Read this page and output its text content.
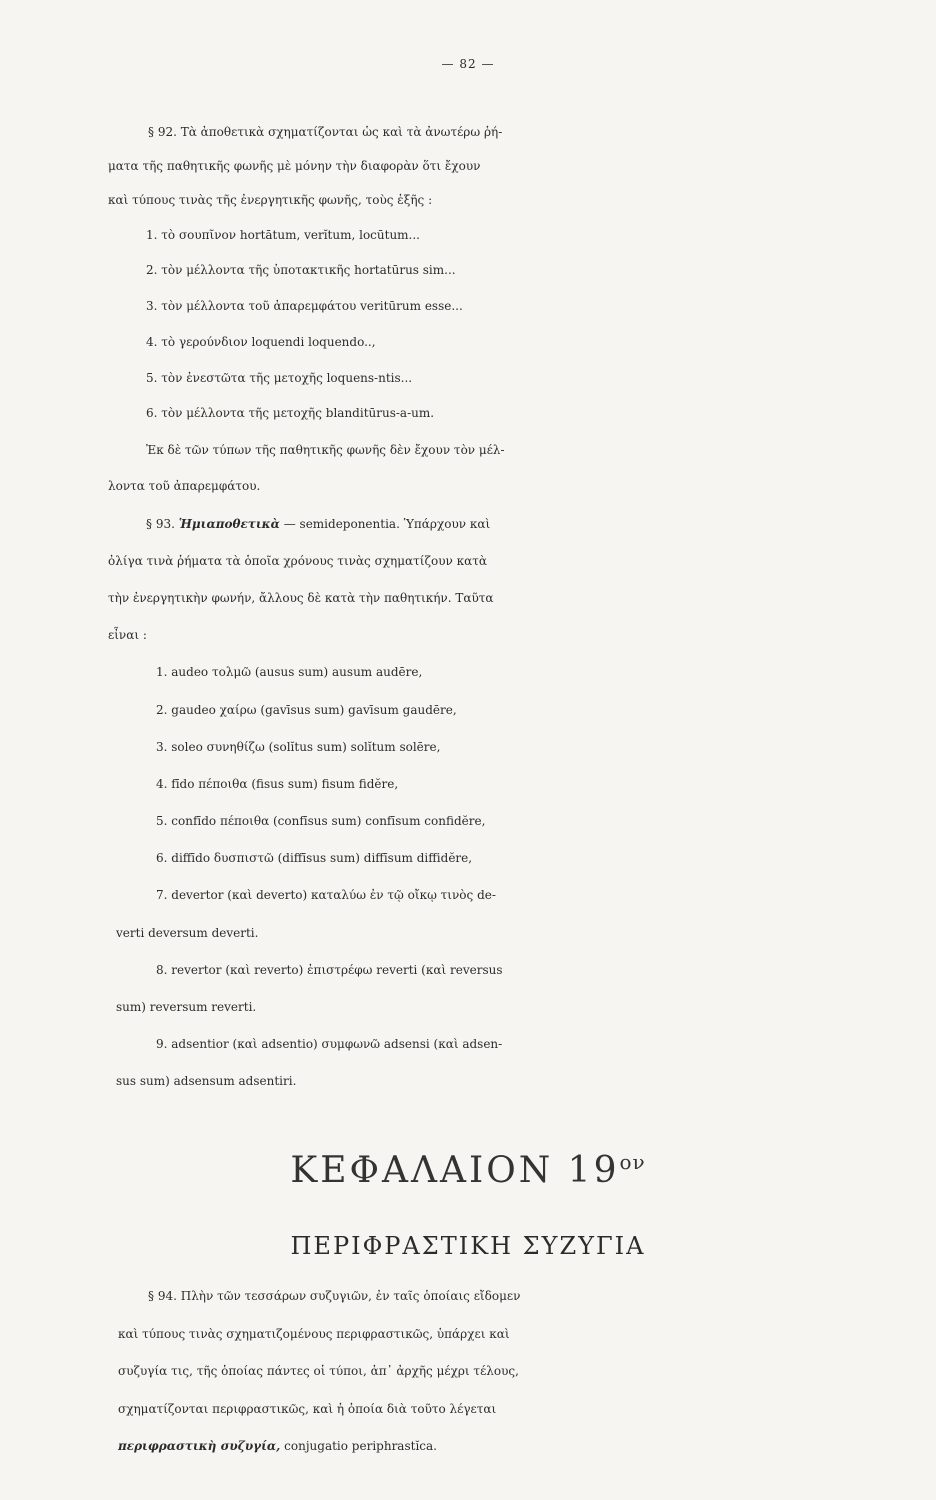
— 82 —
§ 92. Τὰ ἀποθετικὰ σχηματίζονται ὡς καὶ τὰ ἀνωτέρω ῥή-
ματα τῆς παθητικῆς φωνῆς μὲ μόνην τὴν διαφορὰν ὅτι ἔχουν
καὶ τύπους τινὰς τῆς ἐνεργητικῆς φωνῆς, τοὺς ἑξῆς :
1. τὸ σουπῖνον hortātum, verĭtum, locūtum...
2. τὸν μέλλοντα τῆς ὑποτακτικῆς hortatūrus sim...
3. τὸν μέλλοντα τοῦ ἀπαρεμφάτου veritūrum esse...
4. τὸ γερούνδιον loquendi loquendo..,
5. τὸν ἐνεστῶτα τῆς μετοχῆς loquens-ntis...
6. τὸν μέλλοντα τῆς μετοχῆς blanditūrus-a-um.
Ἐκ δὲ τῶν τύπων τῆς παθητικῆς φωνῆς δὲν ἔχουν τὸν μέλ-
λοντα τοῦ ἀπαρεμφάτου.
§ 93. Ἡμιαποθετικὰ — semideponentia. Ὑπάρχουν καὶ
ὀλίγα τινὰ ῥήματα τὰ ὁποῖα χρόνους τινὰς σχηματίζουν κατὰ
τὴν ἐνεργητικὴν φωνήν, ἄλλους δὲ κατὰ τὴν παθητικήν. Ταῦτα
εἶναι :
1. audeo τολμῶ (ausus sum) ausum audēre,
2. gaudeo χαίρω (gavīsus sum) gavīsum gaudēre,
3. soleo συνηθίζω (solĭtus sum) solĭtum solēre,
4. fīdo πέποιθα (fisus sum) fisum fidĕre,
5. confīdo πέποιθα (confīsus sum) confīsum confidĕre,
6. diffīdo δυσπιστῶ (diffīsus sum) diffīsum diffidĕre,
7. devertor (καὶ deverto) καταλύω ἐν τῷ οἴκῳ τινὸς de-
verti deversum deverti.
8. revertor (καὶ reverto) ἐπιστρέφω reverti (καὶ reversus
sum) reversum reverti.
9. adsentior (καὶ adsentio) συμφωνῶ adsensi (καὶ adsen-
sus sum) adsensum adsentiri.
ΚΕΦΑΛΑΙΟΝ $19^{o\nu}$
ΠΕΡΙΦΡΑΣΤΙΚΗ ΣΥΖΥΓΙΑ
§ 94. Πλὴν τῶν τεσσάρων συζυγιῶν, ἐν ταῖς ὁποίαις εἴδομεν
καὶ τύπους τινὰς σχηματιζομένους περιφραστικῶς, ὑπάρχει καὶ
συζυγία τις, τῆς ὁποίας πάντες οἱ τύποι, ἀπ᾽ ἀρχῆς μέχρι τέλους,
σχηματίζονται περιφραστικῶς, καὶ ἡ ὁποία διὰ τοῦτο λέγεται
περιφραστικὴ συζυγία, conjugatio periphrastĭca.
